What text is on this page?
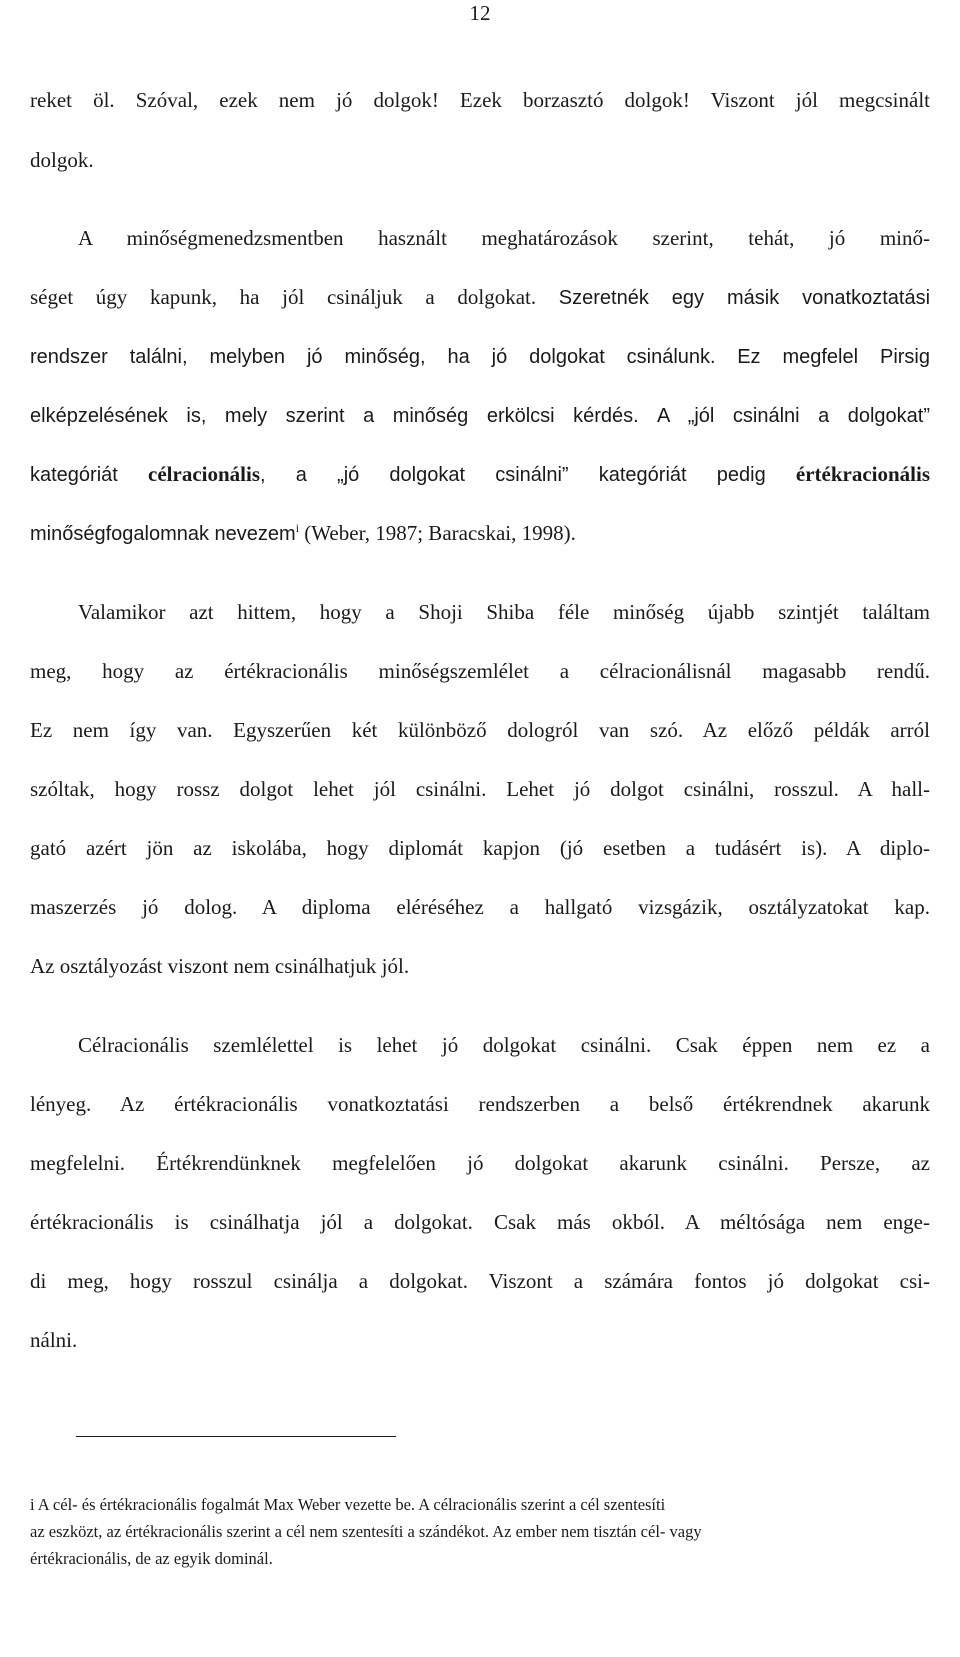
12
reket öl. Szóval, ezek nem jó dolgok! Ezek borzasztó dolgok! Viszont jól megcsinált
dolgok.
A minőségmenedzsmentben használt meghatározások szerint, tehát, jó minő-
séget úgy kapunk, ha jól csináljuk a dolgokat. Szeretnék egy másik vonatkoztatási
rendszer találni, melyben jó minőség, ha jó dolgokat csinálunk. Ez megfelel Pirsig
elképzelésének is, mely szerint a minőség erkölcsi kérdés. A „jól csinálni a dolgokat”
kategóriát célracionális, a „jó dolgokat csinálni” kategóriát pedig értékracionális
minőségfogalomnak nevezem$^i$ (Weber, 1987; Baracskai, 1998).
Valamikor azt hittem, hogy a Shoji Shiba féle minőség újabb szintjét találtam
meg, hogy az értékracionális minőségszemlélet a célracionálisnál magasabb rendű.
Ez nem így van. Egyszerűen két különböző dologról van szó. Az előző példák arról
szóltak, hogy rossz dolgot lehet jól csinálni. Lehet jó dolgot csinálni, rosszul. A hall-
gató azért jön az iskolába, hogy diplomát kapjon (jó esetben a tudásért is). A diplo-
maszerzés jó dolog. A diploma eléréséhez a hallgató vizsgázik, osztályzatokat kap.
Az osztályozást viszont nem csinálhatjuk jól.
Célracionális szemlélettel is lehet jó dolgokat csinálni. Csak éppen nem ez a
lényeg. Az értékracionális vonatkoztatási rendszerben a belső értékrendnek akarunk
megfelelni. Értékrendünknek megfelelően jó dolgokat akarunk csinálni. Persze, az
értékracionális is csinálhatja jól a dolgokat. Csak más okból. A méltósága nem enge-
di meg, hogy rosszul csinálja a dolgokat. Viszont a számára fontos jó dolgokat csi-
nálni.
i A cél- és értékracionális fogalmát Max Weber vezette be. A célracionális szerint a cél szentesíti
az eszközt, az értékracionális szerint a cél nem szentesíti a szándékot. Az ember nem tisztán cél- vagy
értékracionális, de az egyik dominál.
